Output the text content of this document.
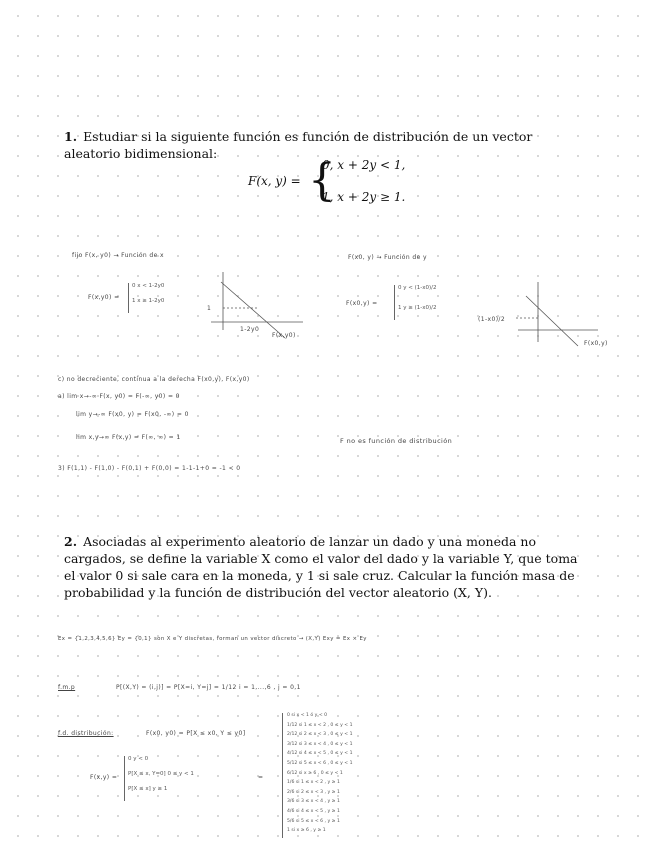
1. Estudiar si la siguiente función es función de distribución de un vector aleatorio bidimensional:
F(x, y) = {
0, x + 2y < 1,
1, x + 2y ≥ 1.
fijo F(x, y0) → Función de x	F(x0, y) → Función de y
F(x,y0) =
0 x < 1-2y0
1 x ≥ 1-2y0
1
1-2y0
F(x,y0)
F(x0,y) =
0 y < (1-x0)/2
1 y ≥ (1-x0)/2
(1-x0)/2
F(x0,y)
c) no decreciente, continua a la derecha F(x0,y), F(x,y0)
a) lim x→-∞ F(x, y0) = F(-∞, y0) = 0
lim y→-∞ F(x0, y) = F(x0, -∞) = 0
lim x,y→∞ F(x,y) = F(∞, ∞) = 1	F no es función de distribución
3) F(1,1) - F(1,0) - F(0,1) + F(0,0) = 1-1-1+0 = -1 < 0
2. Asociadas al experimento aleatorio de lanzar un dado y una moneda no cargados, se define la variable X como el valor del dado y la variable Y, que toma el valor 0 si sale cara en la moneda, y 1 si sale cruz. Calcular la función masa de probabilidad y la función de distribución del vector aleatorio (X, Y).
Ex = {1,2,3,4,5,6} Ey = {0,1} son X e Y discretas, forman un vector discreto → (X,Y) Exy = Ex × Ey
f.m.p	P[(X,Y) = (i,j)] = P[X=i, Y=j] = 1/12 i = 1,...,6 , j = 0,1
f.d. distribución:	F(x0, y0) = P[X ≤ x0, Y ≤ y0]
F(x,y) =
0 y < 0
P[X ≤ x, Y=0] 0 ≤ y < 1
P[X ≤ x] y ≥ 1
=
0 si x < 1 ó y < 0
1/12 si 1 ≤ x < 2 , 0 ≤ y < 1
2/12 si 2 ≤ x < 3 , 0 ≤ y < 1
3/12 si 3 ≤ x < 4 , 0 ≤ y < 1
4/12 si 4 ≤ x < 5 , 0 ≤ y < 1
5/12 si 5 ≤ x < 6 , 0 ≤ y < 1
6/12 si x ≥ 6 , 0 ≤ y < 1
1/6 si 1 ≤ x < 2 , y ≥ 1
2/6 si 2 ≤ x < 3 , y ≥ 1
3/6 si 3 ≤ x < 4 , y ≥ 1
4/6 si 4 ≤ x < 5 , y ≥ 1
5/6 si 5 ≤ x < 6 , y ≥ 1
1 si x ≥ 6 , y ≥ 1
